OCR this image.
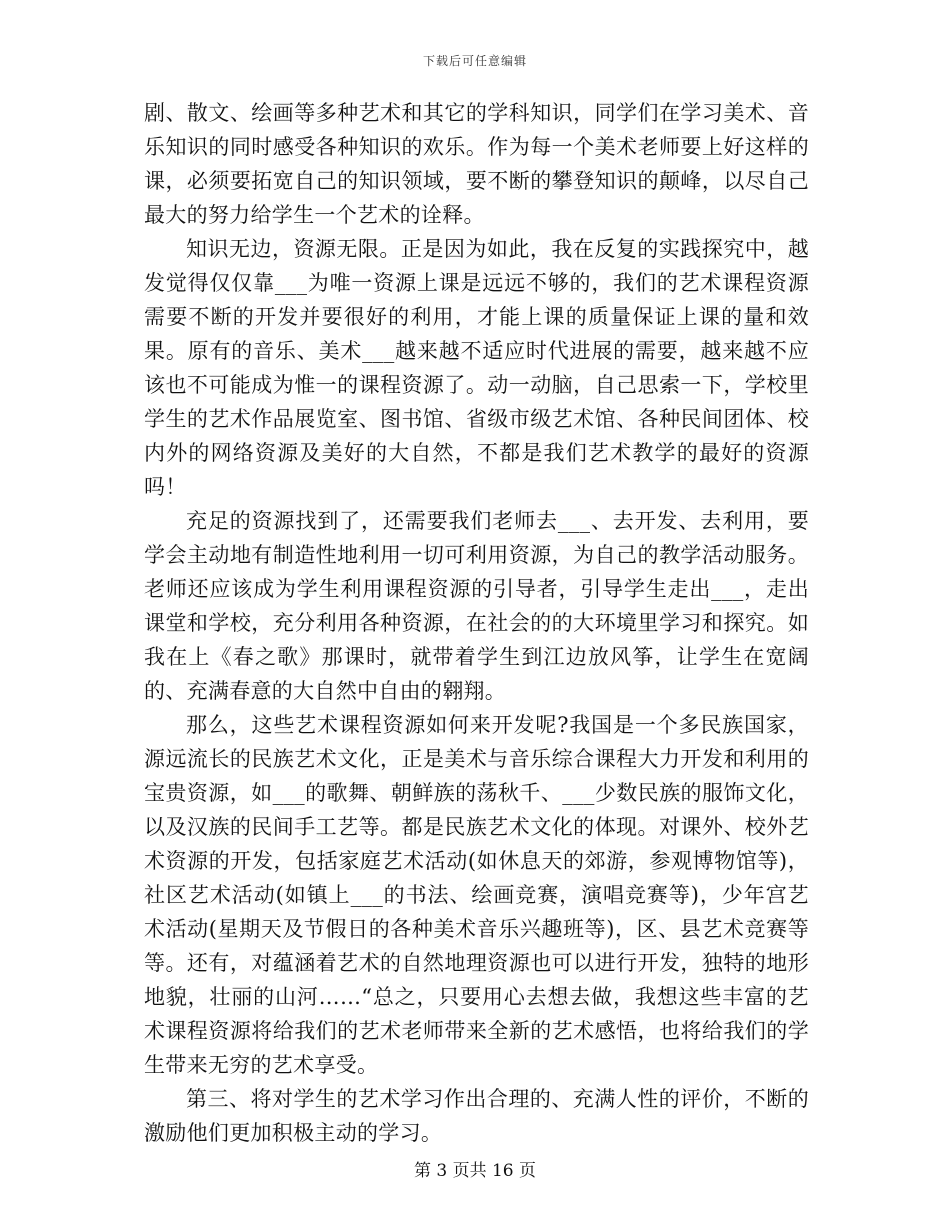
下载后可任意编辑

剧、散文、绘画等多种艺术和其它的学科知识，同学们在学习美术、音乐知识的同时感受各种知识的欢乐。作为每一个美术老师要上好这样的课，必须要拓宽自己的知识领域，要不断的攀登知识的颠峰，以尽自己最大的努力给学生一个艺术的诠释。

知识无边，资源无限。正是因为如此，我在反复的实践探究中，越发觉得仅仅靠___为唯一资源上课是远远不够的，我们的艺术课程资源需要不断的开发并要很好的利用，才能上课的质量保证上课的量和效果。原有的音乐、美术___越来越不适应时代进展的需要，越来越不应该也不可能成为惟一的课程资源了。动一动脑，自己思索一下，学校里学生的艺术作品展览室、图书馆、省级市级艺术馆、各种民间团体、校内外的网络资源及美好的大自然，不都是我们艺术教学的最好的资源吗！

充足的资源找到了，还需要我们老师去___、去开发、去利用，要学会主动地有制造性地利用一切可利用资源，为自己的教学活动服务。老师还应该成为学生利用课程资源的引导者，引导学生走出___，走出课堂和学校，充分利用各种资源，在社会的的大环境里学习和探究。如我在上《春之歌》那课时，就带着学生到江边放风筝，让学生在宽阔的、充满春意的大自然中自由的翱翔。

那么，这些艺术课程资源如何来开发呢?我国是一个多民族国家，源远流长的民族艺术文化，正是美术与音乐综合课程大力开发和利用的宝贵资源，如___的歌舞、朝鲜族的荡秋千、___少数民族的服饰文化，以及汉族的民间手工艺等。都是民族艺术文化的体现。对课外、校外艺术资源的开发，包括家庭艺术活动(如休息天的郊游，参观博物馆等)，社区艺术活动(如镇上___的书法、绘画竞赛，演唱竞赛等)，少年宫艺术活动(星期天及节假日的各种美术音乐兴趣班等)，区、县艺术竞赛等等。还有，对蕴涵着艺术的自然地理资源也可以进行开发，独特的地形地貌，壮丽的山河……“总之，只要用心去想去做，我想这些丰富的艺术课程资源将给我们的艺术老师带来全新的艺术感悟，也将给我们的学生带来无穷的艺术享受。

第三、将对学生的艺术学习作出合理的、充满人性的评价，不断的激励他们更加积极主动的学习。

第 3 页共 16 页
